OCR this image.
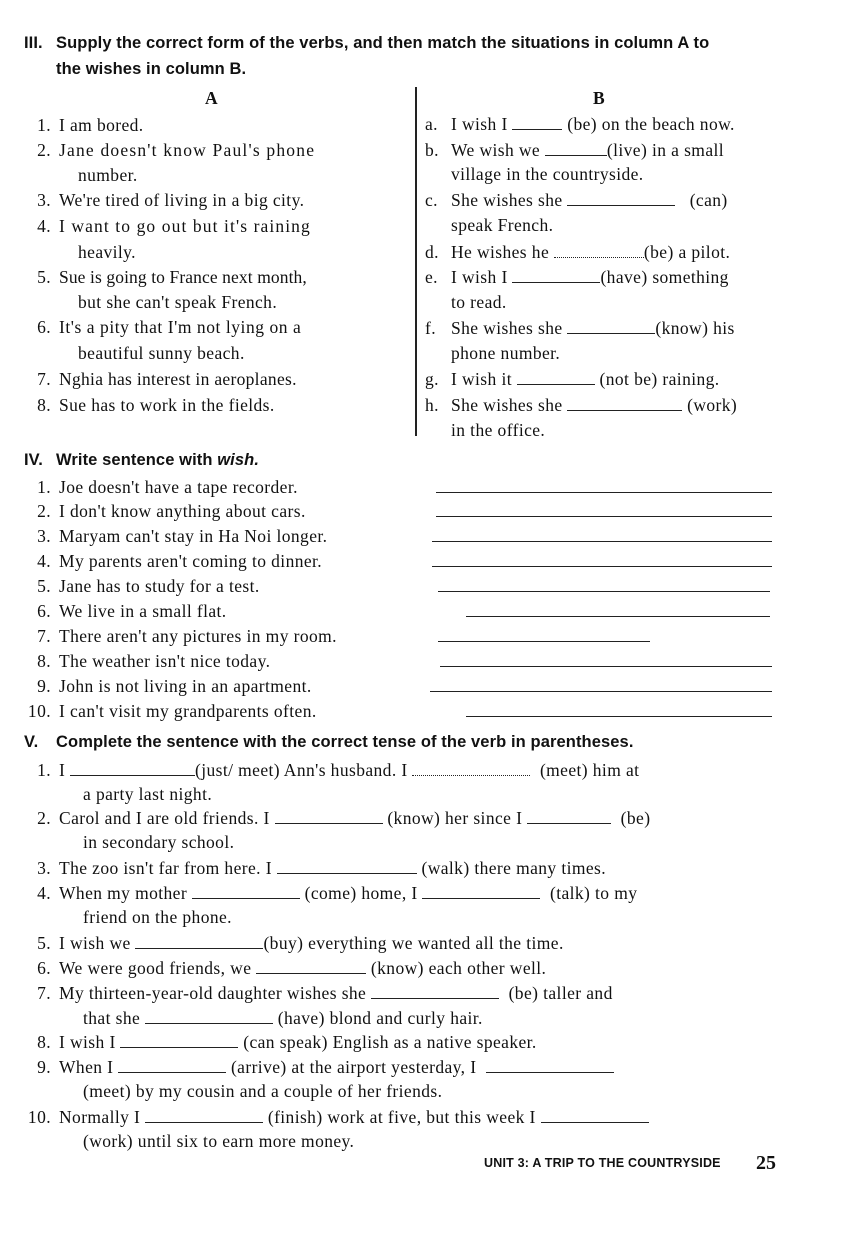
III. Supply the correct form of the verbs, and then match the situations in column A to
the wishes in column B.
A	B
1. I am bored.
2. Jane doesn't know Paul's phone
number.
3. We're tired of living in a big city.
4. I want to go out but it's raining
heavily.
5. Sue is going to France next month,
but she can't speak French.
6. It's a pity that I'm not lying on a
beautiful sunny beach.
7. Nghia has interest in aeroplanes.
8. Sue has to work in the fields.
a. I wish I	(be) on the beach now.
b. We wish we	(live) in a small
village in the countryside.
c. She wishes she	(can)
speak French.
d. He wishes he	(be) a pilot.
e. I wish I	(have) something
to read.
f. She wishes she	(know) his
phone number.
g. I wish it	(not be) raining.
h. She wishes she	(work)
in the office.
IV. Write sentence with wish.
1. Joe doesn't have a tape recorder.
2. I don't know anything about cars.
3. Maryam can't stay in Ha Noi longer.
4. My parents aren't coming to dinner.
5. Jane has to study for a test.
6. We live in a small flat.
7. There aren't any pictures in my room.
8. The weather isn't nice today.
9. John is not living in an apartment.
10. I can't visit my grandparents often.
V. Complete the sentence with the correct tense of the verb in parentheses.
1. I	(just/ meet) Ann's husband. I	(meet) him at
a party last night.
2. Carol and I are old friends. I	(know) her since I	(be)
in secondary school.
3. The zoo isn't far from here. I	(walk) there many times.
4. When my mother	(come) home, I	(talk) to my
friend on the phone.
5. I wish we	(buy) everything we wanted all the time.
6. We were good friends, we	(know) each other well.
7. My thirteen-year-old daughter wishes she	(be) taller and
that she	(have) blond and curly hair.
8. I wish I	(can speak) English as a native speaker.
9. When I	(arrive) at the airport yesterday, I
(meet) by my cousin and a couple of her friends.
10. Normally I	(finish) work at five, but this week I
(work) until six to earn more money.
UNIT 3: A TRIP TO THE COUNTRYSIDE 25
